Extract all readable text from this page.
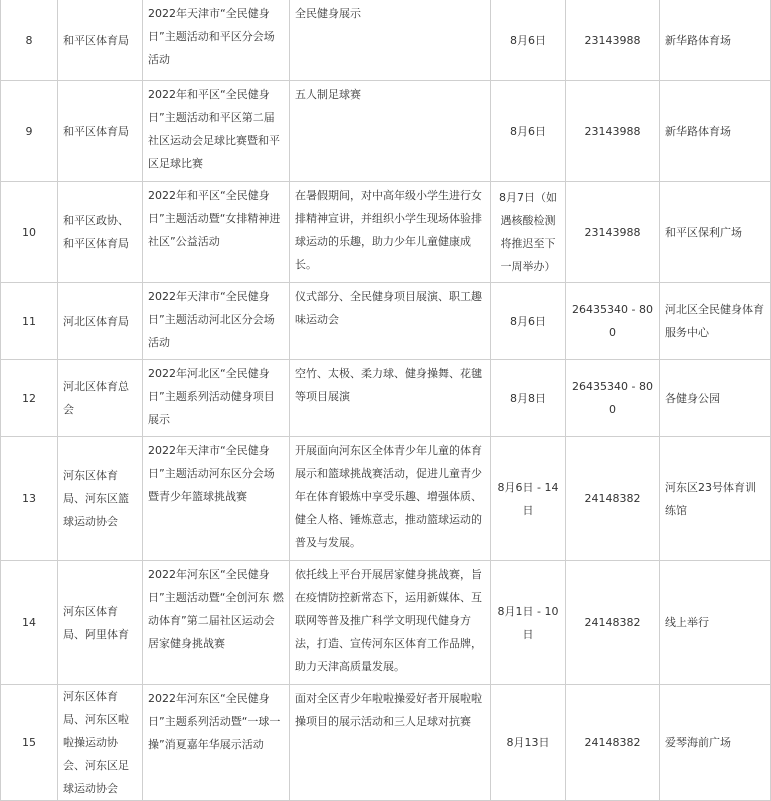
8	和平区体育局	2022年天津市“全民健身日”主题活动和平区分会场活动	全民健身展示	8月6日	23143988	新华路体育场
9	和平区体育局	2022年和平区“全民健身日”主题活动和平区第二届社区运动会足球比赛暨和平区足球比赛	五人制足球赛	8月6日	23143988	新华路体育场
10	和平区政协、和平区体育局	2022年和平区“全民健身日”主题活动暨“女排精神进社区”公益活动	在暑假期间，对中高年级小学生进行女排精神宣讲，并组织小学生现场体验排球运动的乐趣，助力少年儿童健康成长。	8月7日（如遇核酸检测将推迟至下一周举办）	23143988	和平区保利广场
11	河北区体育局	2022年天津市“全民健身日”主题活动河北区分会场活动	仪式部分、全民健身项目展演、职工趣味运动会	8月6日	26435340 - 800	河北区全民健身体育服务中心
12	河北区体育总会	2022年河北区“全民健身日”主题系列活动健身项目展示	空竹、太极、柔力球、健身操舞、花毽等项目展演	8月8日	26435340 - 800	各健身公园
13	河东区体育局、河东区篮球运动协会	2022年天津市“全民健身日”主题活动河东区分会场暨青少年篮球挑战赛	开展面向河东区全体青少年儿童的体育展示和篮球挑战赛活动，促进儿童青少年在体育锻炼中享受乐趣、增强体质、健全人格、锤炼意志，推动篮球运动的普及与发展。	8月6日 - 14日	24148382	河东区23号体育训练馆
14	河东区体育局、阿里体育	2022年河东区“全民健身日”主题活动暨“全创河东 燃动体育”第二届社区运动会居家健身挑战赛	依托线上平台开展居家健身挑战赛，旨在疫情防控新常态下，运用新媒体、互联网等普及推广科学文明现代健身方法，打造、宣传河东区体育工作品牌，助力天津高质量发展。	8月1日 - 10日	24148382	线上举行
15	河东区体育局、河东区啦啦操运动协会、河东区足球运动协会	2022年河东区“全民健身日”主题系列活动暨“一球一操”消夏嘉年华展示活动	面对全区青少年啦啦操爱好者开展啦啦操项目的展示活动和三人足球对抗赛	8月13日	24148382	爱琴海前广场
